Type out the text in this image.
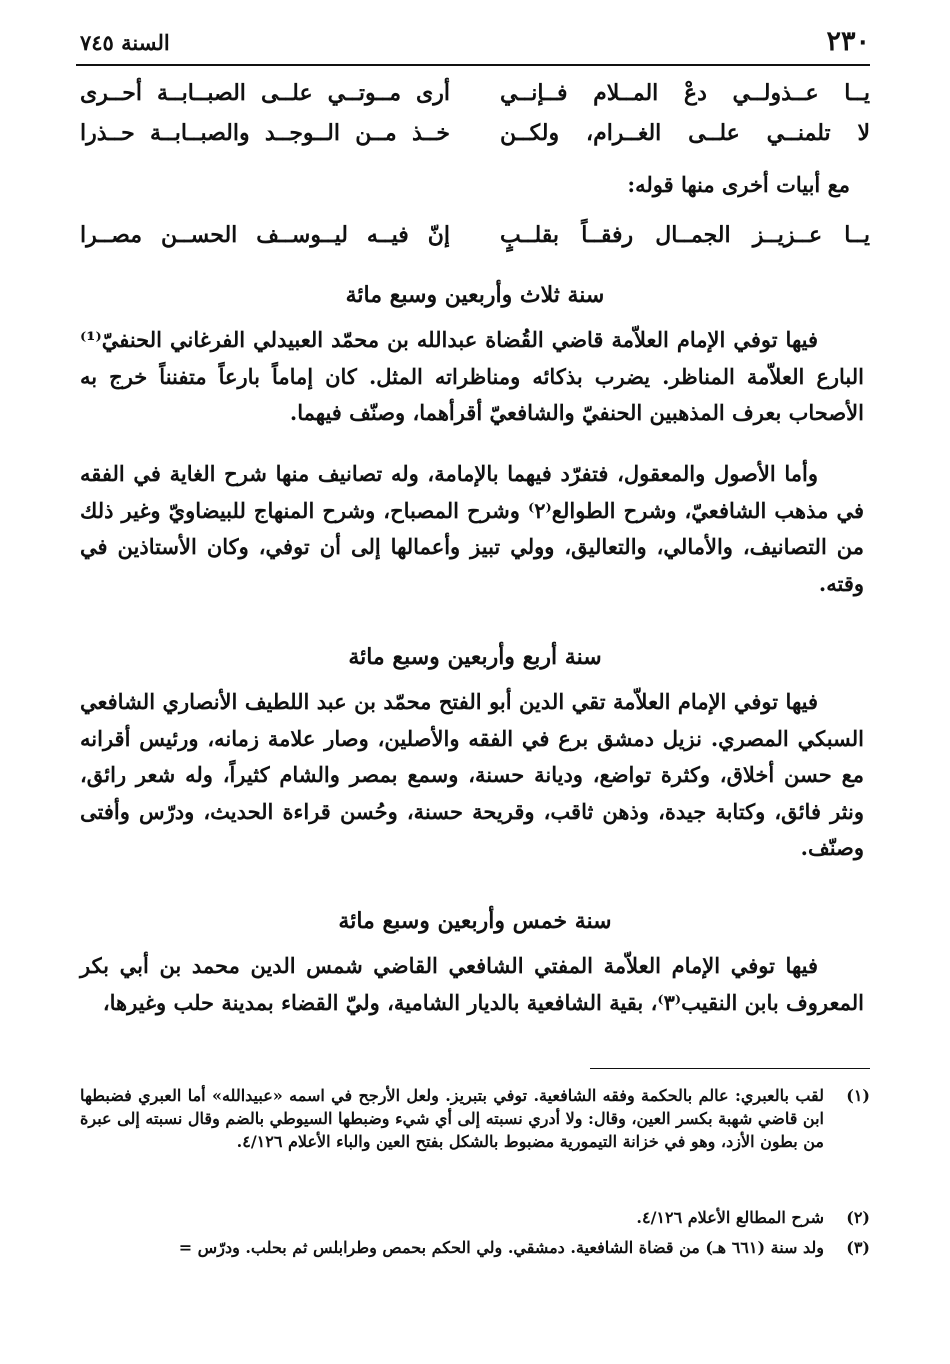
٢٣٠
السنة ٧٤٥
يــا عــذولــي دعْ المــلام فــإنــي
أرى مــوتــي علــى الصبــابــة أحــرى
لا تلمنــي علــى الغــرام، ولكــن
خــذ مــن الــوجــد والصبــابــة حــذرا
مع أبيات أخرى منها قوله:
يــا عــزيــز الجمــال رفقــاً بقلــبٍ
إنّ فيــه ليــوســف الحســن مصــرا
سنة ثلاث وأربعين وسبع مائة

فيها توفي الإمام العلاّمة قاضي القُضاة عبدالله بن محمّد العبيدلي الفرغاني الحنفيّ⁽¹⁾ البارع العلاّمة المناظر. يضرب بذكائه ومناظراته المثل. كان إماماً بارعاً متفنناً خرج به الأصحاب بعرف المذهبين الحنفيّ والشافعيّ أقرأهما، وصنّف فيهما.

وأما الأصول والمعقول، فتفرّد فيهما بالإمامة، وله تصانيف منها شرح الغاية في الفقه في مذهب الشافعيّ، وشرح الطوالع⁽٢⁾ وشرح المصباح، وشرح المنهاج للبيضاويّ وغير ذلك من التصانيف، والأمالي، والتعاليق، وولي تبيز وأعمالها إلى أن توفي، وكان الأستاذين في وقته.

سنة أربع وأربعين وسبع مائة

فيها توفي الإمام العلاّمة تقي الدين أبو الفتح محمّد بن عبد اللطيف الأنصاري الشافعي السبكي المصري. نزيل دمشق برع في الفقه والأصلين، وصار علامة زمانه، ورئيس أقرانه مع حسن أخلاق، وكثرة تواضع، وديانة حسنة، وسمع بمصر والشام كثيراً، وله شعر رائق، ونثر فائق، وكتابة جيدة، وذهن ثاقب، وقريحة حسنة، وحُسن قراءة الحديث، ودرّس وأفتى وصنّف.

سنة خمس وأربعين وسبع مائة

فيها توفي الإمام العلاّمة المفتي الشافعي القاضي شمس الدين محمد بن أبي بكر المعروف بابن النقيب⁽٣⁾، بقية الشافعية بالديار الشامية، وليّ القضاء بمدينة حلب وغيرها،

(١)
لقب بالعبري: عالم بالحكمة وفقه الشافعية. توفي بتبريز. ولعل الأرجح في اسمه «عبيدالله» أما العبري فضبطها ابن قاضي شهبة بكسر العين، وقال: ولا أدري نسبته إلى أي شيء وضبطها السيوطي بالضم وقال نسبته إلى عبرة من بطون الأزد، وهو في خزانة التيمورية مضبوط بالشكل بفتح العين والباء الأعلام ٤/١٢٦.
(٢)
شرح المطالع الأعلام ٤/١٢٦.
(٣)
ولد سنة (٦٦١ هـ) من قضاة الشافعية. دمشقي. ولي الحكم بحمص وطرابلس ثم بحلب. ودرّس =
